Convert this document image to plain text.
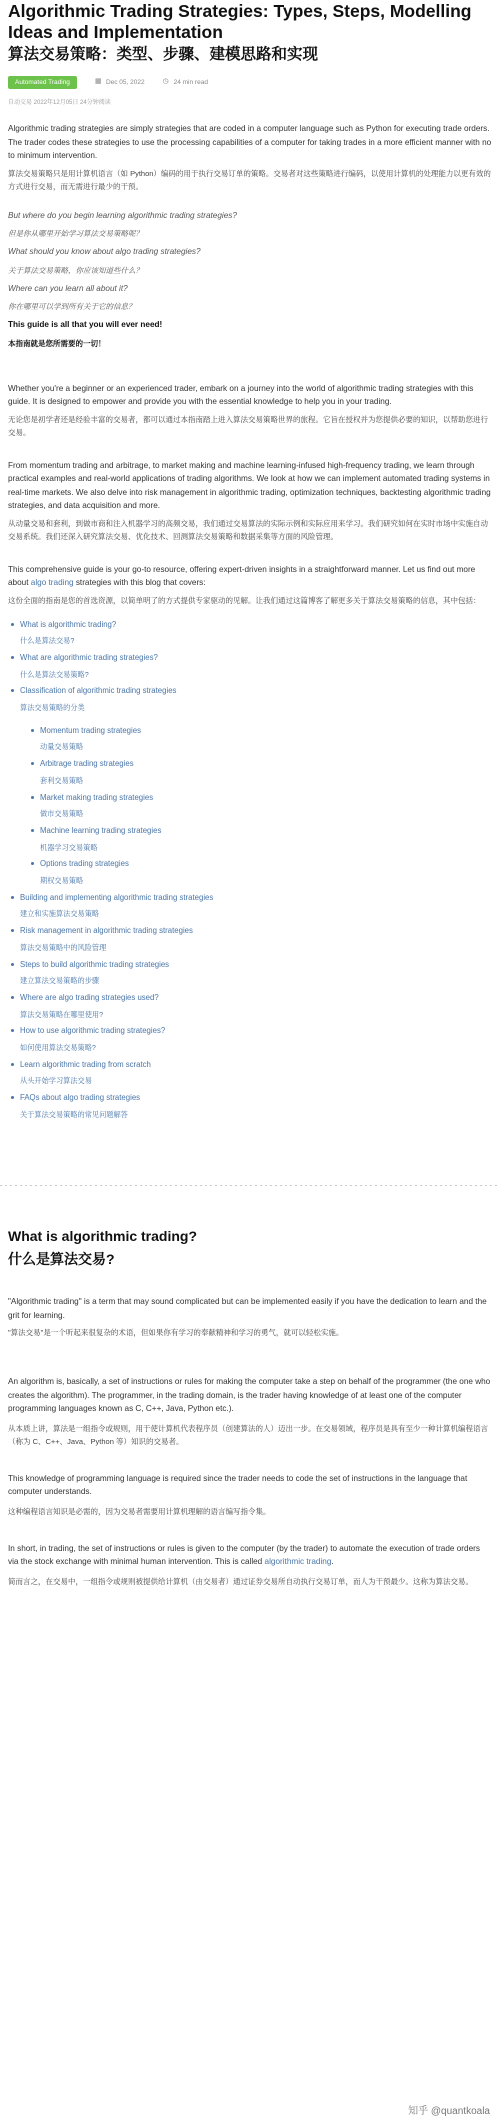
Algorithmic Trading Strategies: Types, Steps, Modelling Ideas and Implementation
算法交易策略：类型、步骤、建模思路和实现
Automated Trading	▦ Dec 05, 2022	◷ 24 min read
自动交易 2022年12月05日 24分钟阅读

Algorithmic trading strategies are simply strategies that are coded in a computer language such as Python for executing trade orders. The trader codes these strategies to use the processing capabilities of a computer for taking trades in a more efficient manner with no to minimum intervention.

算法交易策略只是用计算机语言（如 Python）编码的用于执行交易订单的策略。交易者对这些策略进行编码，以使用计算机的处理能力以更有效的方式进行交易，而无需进行最少的干预。

But where do you begin learning algorithmic trading strategies?

但是你从哪里开始学习算法交易策略呢？

What should you know about algo trading strategies?

关于算法交易策略，你应该知道些什么？

Where can you learn all about it?

你在哪里可以学到所有关于它的信息？

This guide is all that you will ever need!

本指南就是您所需要的一切！

Whether you're a beginner or an experienced trader, embark on a journey into the world of algorithmic trading strategies with this guide. It is designed to empower and provide you with the essential knowledge to help you in your trading.

无论您是初学者还是经验丰富的交易者，都可以通过本指南踏上进入算法交易策略世界的旅程。它旨在授权并为您提供必要的知识，以帮助您进行交易。

From momentum trading and arbitrage, to market making and machine learning-infused high-frequency trading, we learn through practical examples and real-world applications of trading algorithms. We look at how we can implement automated trading systems in real-time markets. We also delve into risk management in algorithmic trading, optimization techniques, backtesting algorithmic trading strategies, and data acquisition and more.

从动量交易和套利，到做市商和注入机器学习的高频交易，我们通过交易算法的实际示例和实际应用来学习。我们研究如何在实时市场中实施自动交易系统。我们还深入研究算法交易、优化技术、回测算法交易策略和数据采集等方面的风险管理。

This comprehensive guide is your go-to resource, offering expert-driven insights in a straightforward manner. Let us find out more about algo trading strategies with this blog that covers:

这份全面的指南是您的首选资源，以简单明了的方式提供专家驱动的见解。让我们通过这篇博客了解更多关于算法交易策略的信息，其中包括：

What is algorithmic trading?
什么是算法交易?
What are algorithmic trading strategies?
什么是算法交易策略?
Classification of algorithmic trading strategies
算法交易策略的分类
Momentum trading strategies
动量交易策略
Arbitrage trading strategies
套利交易策略
Market making trading strategies
做市交易策略
Machine learning trading strategies
机器学习交易策略
Options trading strategies
期权交易策略
Building and implementing algorithmic trading strategies
建立和实施算法交易策略
Risk management in algorithmic trading strategies
算法交易策略中的风险管理
Steps to build algorithmic trading strategies
建立算法交易策略的步骤
Where are algo trading strategies used?
算法交易策略在哪里使用?
How to use algorithmic trading strategies?
如何使用算法交易策略?
Learn algorithmic trading from scratch
从头开始学习算法交易
FAQs about algo trading strategies
关于算法交易策略的常见问题解答
What is algorithmic trading?
什么是算法交易?

"Algorithmic trading" is a term that may sound complicated but can be implemented easily if you have the dedication to learn and the grit for learning.

"算法交易"是一个听起来很复杂的术语，但如果你有学习的奉献精神和学习的勇气，就可以轻松实施。

An algorithm is, basically, a set of instructions or rules for making the computer take a step on behalf of the programmer (the one who creates the algorithm). The programmer, in the trading domain, is the trader having knowledge of at least one of the computer programming languages known as C, C++, Java, Python etc.).

从本质上讲，算法是一组指令或规则，用于使计算机代表程序员（创建算法的人）迈出一步。在交易领域，程序员是具有至少一种计算机编程语言（称为 C、C++、Java、Python 等）知识的交易者。

This knowledge of programming language is required since the trader needs to code the set of instructions in the language that computer understands.

这种编程语言知识是必需的，因为交易者需要用计算机理解的语言编写指令集。

In short, in trading, the set of instructions or rules is given to the computer (by the trader) to automate the execution of trade orders via the stock exchange with minimal human intervention. This is called algorithmic trading.

简而言之，在交易中，一组指令或规则被提供给计算机（由交易者）通过证券交易所自动执行交易订单，而人为干预最少。这称为算法交易。

知乎 @quantkoala
